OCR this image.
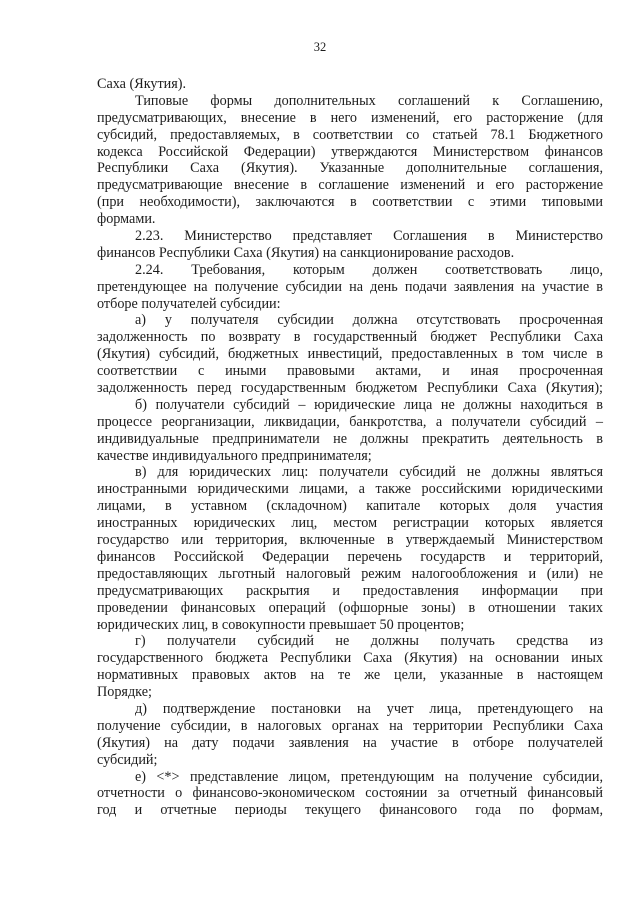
32
Саха (Якутия).
Типовые формы дополнительных соглашений к Соглашению,
предусматривающих, внесение в него изменений, его расторжение (для
субсидий, предоставляемых, в соответствии со статьей 78.1 Бюджетного
кодекса Российской Федерации) утверждаются Министерством финансов
Республики Саха (Якутия). Указанные дополнительные соглашения,
предусматривающие внесение в соглашение изменений и его расторжение
(при необходимости), заключаются в соответствии с этими типовыми
формами.
2.23. Министерство представляет Соглашения в Министерство
финансов Республики Саха (Якутия) на санкционирование расходов.
2.24. Требования, которым должен соответствовать лицо,
претендующее на получение субсидии на день подачи заявления на участие в
отборе получателей субсидии:
а) у получателя субсидии должна отсутствовать просроченная
задолженность по возврату в государственный бюджет Республики Саха
(Якутия) субсидий, бюджетных инвестиций, предоставленных в том числе в
соответствии с иными правовыми актами, и иная просроченная
задолженность перед государственным бюджетом Республики Саха (Якутия);
б) получатели субсидий – юридические лица не должны находиться в
процессе реорганизации, ликвидации, банкротства, а получатели субсидий –
индивидуальные предприниматели не должны прекратить деятельность в
качестве индивидуального предпринимателя;
в) для юридических лиц: получатели субсидий не должны являться
иностранными юридическими лицами, а также российскими юридическими
лицами, в уставном (складочном) капитале которых доля участия
иностранных юридических лиц, местом регистрации которых является
государство или территория, включенные в утверждаемый Министерством
финансов Российской Федерации перечень государств и территорий,
предоставляющих льготный налоговый режим налогообложения и (или) не
предусматривающих раскрытия и предоставления информации при
проведении финансовых операций (офшорные зоны) в отношении таких
юридических лиц, в совокупности превышает 50 процентов;
г) получатели субсидий не должны получать средства из
государственного бюджета Республики Саха (Якутия) на основании иных
нормативных правовых актов на те же цели, указанные в настоящем
Порядке;
д) подтверждение постановки на учет лица, претендующего на
получение субсидии, в налоговых органах на территории Республики Саха
(Якутия) на дату подачи заявления на участие в отборе получателей
субсидий;
е) <*> представление лицом, претендующим на получение субсидии,
отчетности о финансово-экономическом состоянии за отчетный финансовый
год и отчетные периоды текущего финансового года по формам,
